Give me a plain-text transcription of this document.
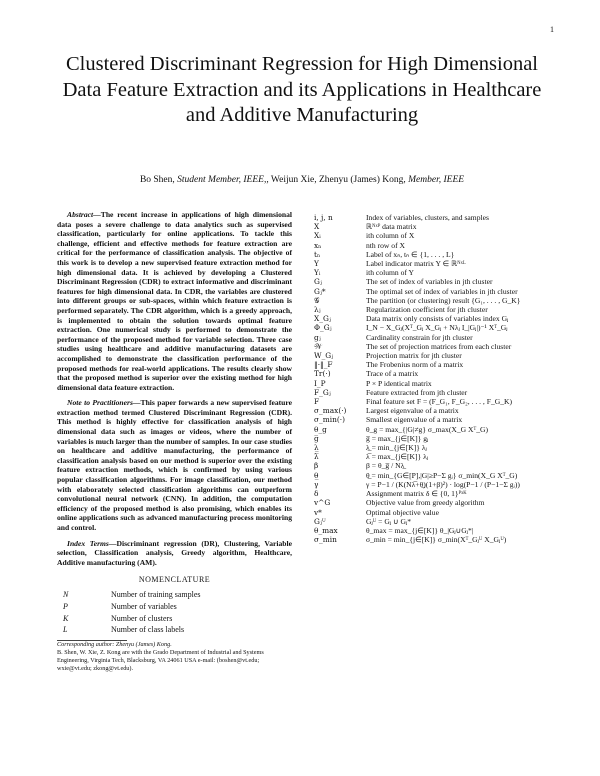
1
Clustered Discriminant Regression for High Dimensional Data Feature Extraction and its Applications in Healthcare and Additive Manufacturing
Bo Shen, Student Member, IEEE,, Weijun Xie, Zhenyu (James) Kong, Member, IEEE

Abstract—The recent increase in applications of high dimensional data poses a severe challenge to data analytics such as supervised classification, particularly for online applications. To tackle this challenge, efficient and effective methods for feature extraction are critical for the performance of classification analysis. The objective of this work is to develop a new supervised feature extraction method for high dimensional data. It is achieved by developing a Clustered Discriminant Regression (CDR) to extract informative and discriminant features for high dimensional data. In CDR, the variables are clustered into different groups or sub-spaces, within which feature extraction is performed separately. The CDR algorithm, which is a greedy approach, is implemented to obtain the solution towards optimal feature extraction. One numerical study is performed to demonstrate the performance of the proposed method for variable selection. Three case studies using healthcare and additive manufacturing datasets are accomplished to demonstrate the classification performance of the proposed methods for real-world applications. The results clearly show that the proposed method is superior over the existing method for high dimensional data feature extraction.

Note to Practitioners—This paper forwards a new supervised feature extraction method termed Clustered Discriminant Regression (CDR). This method is highly effective for classification analysis of high dimensional data such as images or videos, where the number of variables is much larger than the number of samples. In our case studies on healthcare and additive manufacturing, the performance of classification analysis based on our method is superior over the existing feature extraction methods, which is confirmed by using various popular classification algorithms. For image classification, our method with elaborately selected classification algorithms can outperform convolutional neural network (CNN). In addition, the computation efficiency of the proposed method is also promising, which enables its online applications such as advanced manufacturing process monitoring and control.

Index Terms—Discriminant regression (DR), Clustering, Variable selection, Classification analysis, Greedy algorithm, Healthcare, Additive manufacturing (AM).

NOMENCLATURE
N	Number of training samples
P	Number of variables
K	Number of clusters
L	Number of class labels

Corresponding author: Zhenyu (James) Kong.

B. Shen, W. Xie, Z. Kong are with the Grado Department of Industrial and Systems Engineering, Virginia Tech, Blacksburg, VA 24061 USA e-mail: (boshen@vt.edu; wxie@vt.edu; zkong@vt.edu).

i, j, n	Index of variables, clusters, and samples
X	ℝᴺˣᴾ data matrix
Xᵢ	ith column of X
xₙ	nth row of X
tₙ	Label of xₙ, tₙ ∈ {1, . . . , L}
Y	Label indicator matrix Y ∈ ℝᴺˣᴸ
Yᵢ	ith column of Y
Gⱼ	The set of index of variables in jth cluster
Gⱼ*	The optimal set of index of variables in jth cluster
𝒢	The partition (or clustering) result {G₁, . . . , G_K}
λⱼ	Regularization coefficient for jth cluster
X_Gⱼ	Data matrix only consists of variables index Gⱼ
Φ_Gⱼ	I_N − X_Gⱼ(Xᵀ_Gⱼ X_Gⱼ + Nλⱼ I_|Gⱼ|)⁻¹ Xᵀ_Gⱼ
gⱼ	Cardinality constrain for jth cluster
𝒲	The set of projection matrices from each cluster
W_Gⱼ	Projection matrix for jth cluster
‖·‖_F	The Frobenius norm of a matrix
Tr(·)	Trace of a matrix
I_P	P × P identical matrix
F_Gⱼ	Feature extracted from jth cluster
F	Final feature set F = (F_G₁, F_G₂, . . . , F_G_K)
σ_max(·)	Largest eigenvalue of a matrix
σ_min(·)	Smallest eigenvalue of a matrix
θ_g	θ_g = max_{|G|≠g} σ_max(X_G Xᵀ_G)
g̅	g̅ = max_{j∈[K]} gⱼ
λ̲	λ̲ = min_{j∈[K]} λⱼ
λ̅	λ̅ = max_{j∈[K]} λⱼ
β	β = θ_g̅ / Nλ̲
θ̲	θ̲ = min_{G∈[P],|G|≥P−Σ gᵢ} σ_min(X_G Xᵀ_G)
γ	γ = P−1 / (K(Nλ̅+θ̲)(1+β)²) · log(P−1 / (P−1−Σ gᵢ))
δ	Assignment matrix δ ∈ {0, 1}ᴾˣᴷ
v^G	Objective value from greedy algorithm
v*	Optimal objective value
Gⱼᵁ	Gⱼᵁ = Gⱼ ∪ Gⱼ*
θ_max	θ_max = max_{j∈[K]} θ_|Gⱼ∪Gⱼ*|
σ_min	σ_min = min_{j∈[K]} σ_min(Xᵀ_Gⱼᵁ X_Gⱼᵁ)
